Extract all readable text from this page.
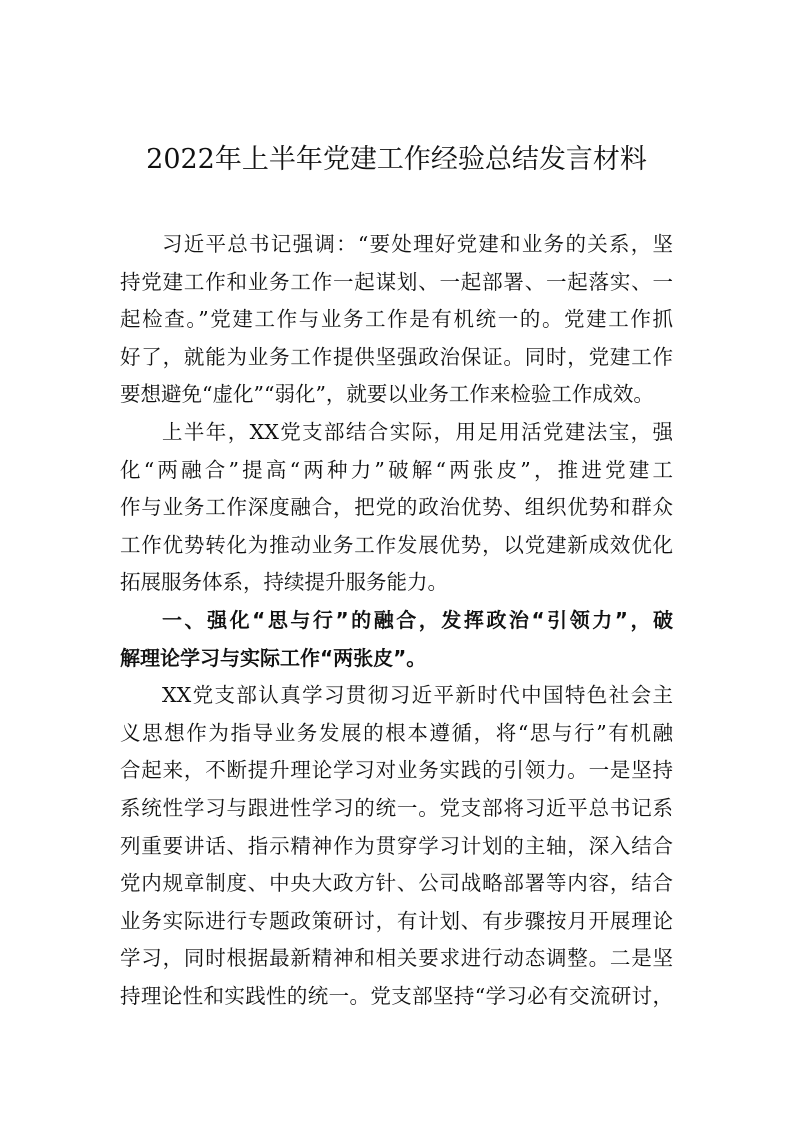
2022年上半年党建工作经验总结发言材料
习近平总书记强调：“要处理好党建和业务的关系，坚
持党建工作和业务工作一起谋划、一起部署、一起落实、一
起检查。”党建工作与业务工作是有机统一的。党建工作抓
好了，就能为业务工作提供坚强政治保证。同时，党建工作
要想避免“虚化”“弱化”，就要以业务工作来检验工作成效。
上半年，XX党支部结合实际，用足用活党建法宝，强
化“两融合”提高“两种力”破解“两张皮”，推进党建工
作与业务工作深度融合，把党的政治优势、组织优势和群众
工作优势转化为推动业务工作发展优势，以党建新成效优化
拓展服务体系，持续提升服务能力。
一、强化“思与行”的融合，发挥政治“引领力”，破
解理论学习与实际工作“两张皮”。
XX党支部认真学习贯彻习近平新时代中国特色社会主
义思想作为指导业务发展的根本遵循，将“思与行”有机融
合起来，不断提升理论学习对业务实践的引领力。一是坚持
系统性学习与跟进性学习的统一。党支部将习近平总书记系
列重要讲话、指示精神作为贯穿学习计划的主轴，深入结合
党内规章制度、中央大政方针、公司战略部署等内容，结合
业务实际进行专题政策研讨，有计划、有步骤按月开展理论
学习，同时根据最新精神和相关要求进行动态调整。二是坚
持理论性和实践性的统一。党支部坚持“学习必有交流研讨，
